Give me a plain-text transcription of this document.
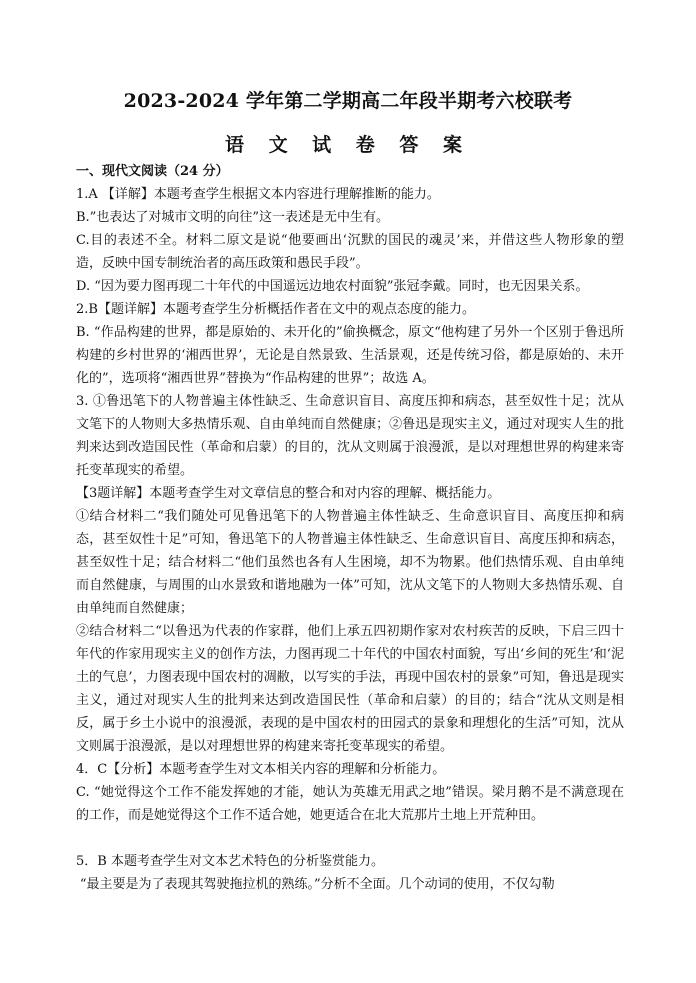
2023-2024 学年第二学期高二年段半期考六校联考
语 文 试 卷 答 案

一、现代文阅读（24 分）

1.A 【详解】本题考查学生根据文本内容进行理解推断的能力。

B.”也表达了对城市文明的向往”这一表述是无中生有。

C.目的表述不全。材料二原文是说“他要画出‘沉默的国民的魂灵’来，并借这些人物形象的塑造，反映中国专制统治者的高压政策和愚民手段”。

D. “因为要力图再现二十年代的中国遥远边地农村面貌”张冠李戴。同时，也无因果关系。

2.B【题详解】本题考查学生分析概括作者在文中的观点态度的能力。

B. “作品构建的世界，都是原始的、未开化的”偷换概念，原文“他构建了另外一个区别于鲁迅所构建的乡村世界的‘湘西世界’，无论是自然景致、生活景观，还是传统习俗，都是原始的、未开化的”，选项将“湘西世界”替换为“作品构建的世界”；故选 A。

3. ①鲁迅笔下的人物普遍主体性缺乏、生命意识盲目、高度压抑和病态，甚至奴性十足；沈从文笔下的人物则大多热情乐观、自由单纯而自然健康；②鲁迅是现实主义，通过对现实人生的批判来达到改造国民性（革命和启蒙）的目的，沈从文则属于浪漫派，是以对理想世界的构建来寄托变革现实的希望。

【3题详解】本题考查学生对文章信息的整合和对内容的理解、概括能力。

①结合材料二“我们随处可见鲁迅笔下的人物普遍主体性缺乏、生命意识盲目、高度压抑和病态，甚至奴性十足”可知，鲁迅笔下的人物普遍主体性缺乏、生命意识盲目、高度压抑和病态，甚至奴性十足；结合材料二“他们虽然也各有人生困境，却不为物累。他们热情乐观、自由单纯而自然健康，与周围的山水景致和谐地融为一体”可知，沈从文笔下的人物则大多热情乐观、自由单纯而自然健康；

②结合材料二“以鲁迅为代表的作家群，他们上承五四初期作家对农村疾苦的反映，下启三四十年代的作家用现实主义的创作方法，力图再现二十年代的中国农村面貌，写出‘乡间的死生’和‘泥土的气息’，力图表现中国农村的凋敝，以写实的手法，再现中国农村的景象”可知，鲁迅是现实主义，通过对现实人生的批判来达到改造国民性（革命和启蒙）的目的；结合“沈从文则是相反，属于乡土小说中的浪漫派，表现的是中国农村的田园式的景象和理想化的生活”可知，沈从文则属于浪漫派，是以对理想世界的构建来寄托变革现实的希望。

4．C【分析】本题考查学生对文本相关内容的理解和分析能力。

C. “她觉得这个工作不能发挥她的才能，她认为英雄无用武之地”错误。梁月鹅不是不满意现在的工作，而是她觉得这个工作不适合她，她更适合在北大荒那片土地上开荒种田。

5．B 本题考查学生对文本艺术特色的分析鉴赏能力。

“最主要是为了表现其驾驶拖拉机的熟练。”分析不全面。几个动词的使用，不仅勾勒
